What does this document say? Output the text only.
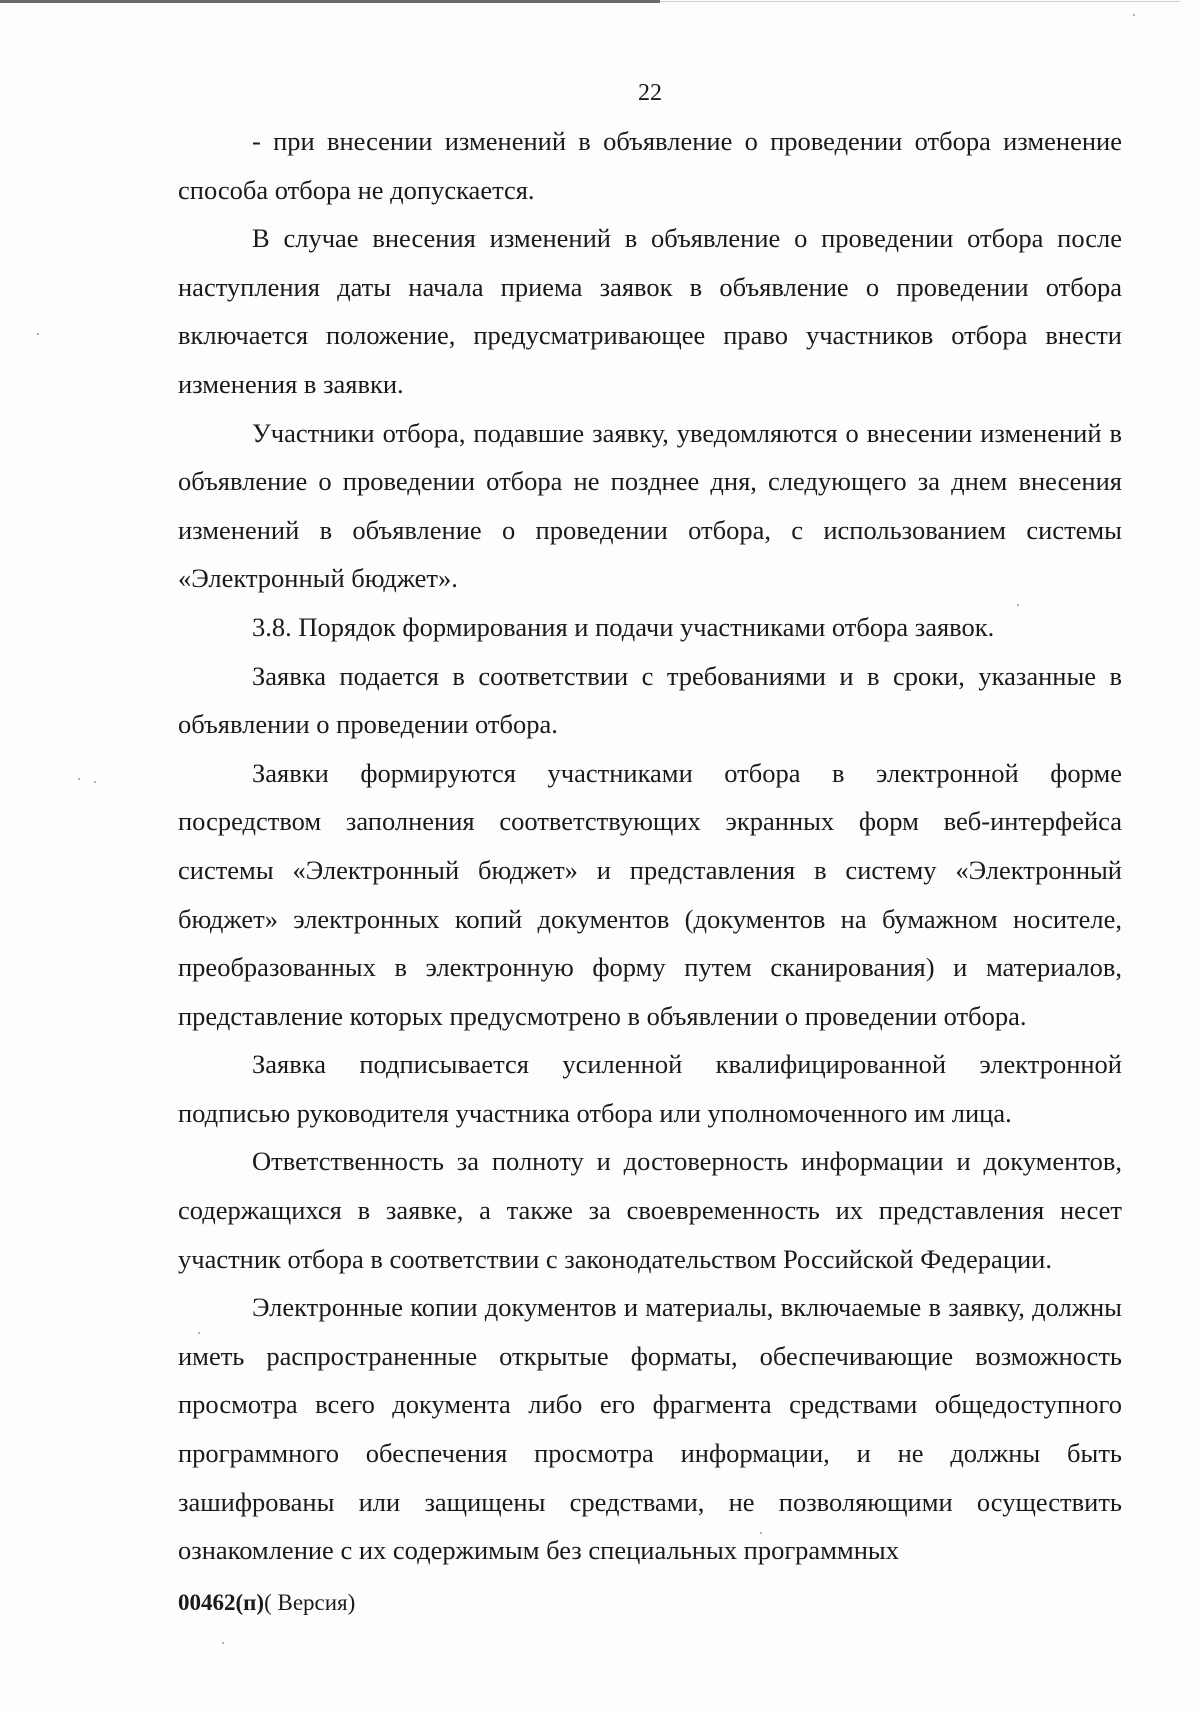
22

- при внесении изменений в объявление о проведении отбора изменение способа отбора не допускается.

В случае внесения изменений в объявление о проведении отбора после наступления даты начала приема заявок в объявление о проведении отбора включается положение, предусматривающее право участников отбора внести изменения в заявки.

Участники отбора, подавшие заявку, уведомляются о внесении изменений в объявление о проведении отбора не позднее дня, следующего за днем внесения изменений в объявление о проведении отбора, с использованием системы «Электронный бюджет».

3.8. Порядок формирования и подачи участниками отбора заявок.

Заявка подается в соответствии с требованиями и в сроки, указанные в объявлении о проведении отбора.

Заявки формируются участниками отбора в электронной форме посредством заполнения соответствующих экранных форм веб-интерфейса системы «Электронный бюджет» и представления в систему «Электронный бюджет» электронных копий документов (документов на бумажном носителе, преобразованных в электронную форму путем сканирования) и материалов, представление которых предусмотрено в объявлении о проведении отбора.

Заявка подписывается усиленной квалифицированной электронной подписью руководителя участника отбора или уполномоченного им лица.

Ответственность за полноту и достоверность информации и документов, содержащихся в заявке, а также за своевременность их представления несет участник отбора в соответствии с законодательством Российской Федерации.

Электронные копии документов и материалы, включаемые в заявку, должны иметь распространенные открытые форматы, обеспечивающие возможность просмотра всего документа либо его фрагмента средствами общедоступного программного обеспечения просмотра информации, и не должны быть зашифрованы или защищены средствами, не позволяющими осуществить ознакомление с их содержимым без специальных программных

00462(п)( Версия)
